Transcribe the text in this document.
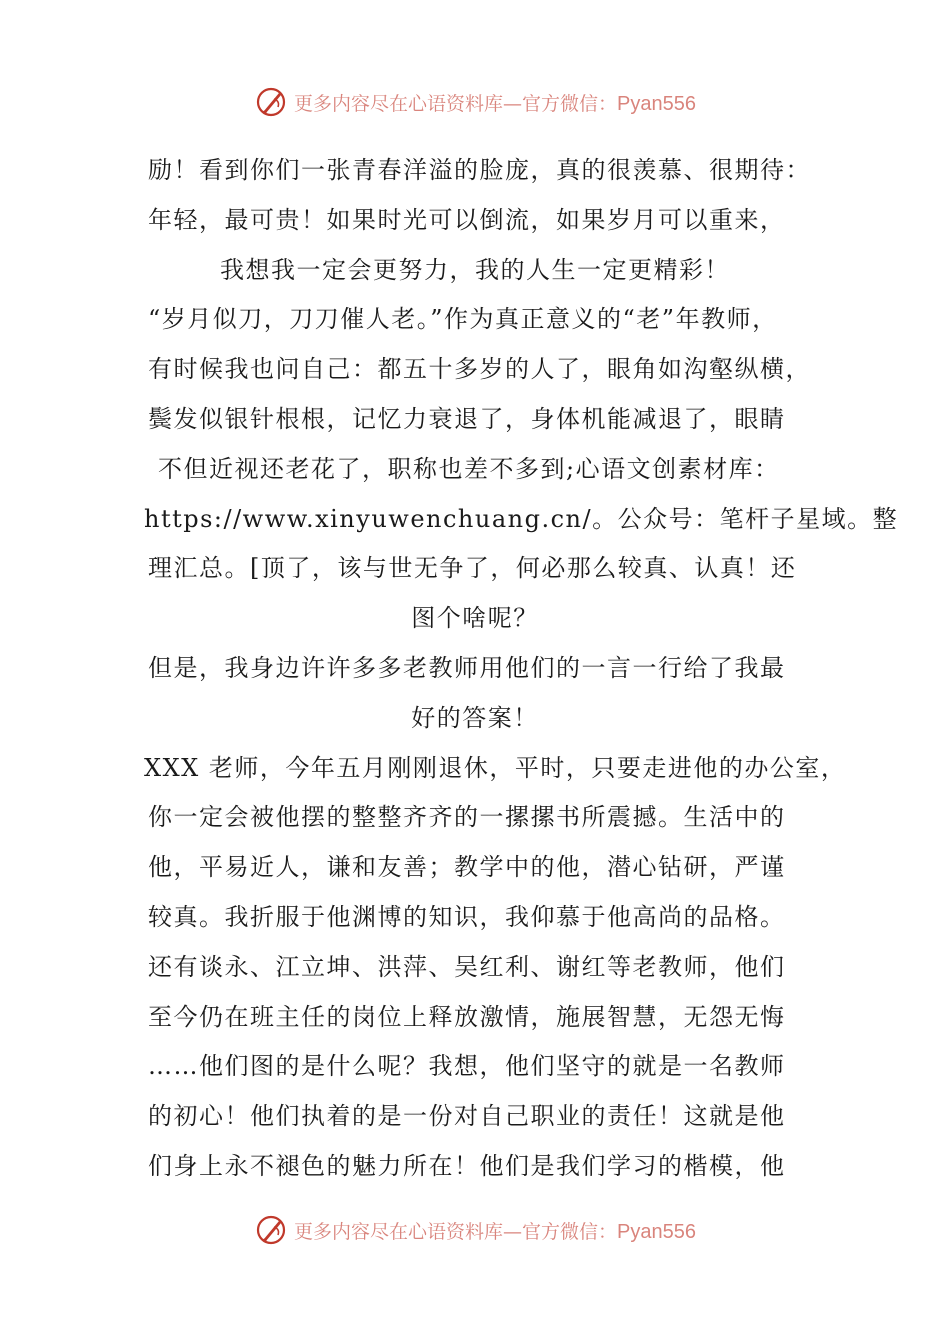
更多内容尽在心语资料库—官方微信：Pyan556
励！看到你们一张青春洋溢的脸庞，真的很羡慕、很期待：
年轻，最可贵！如果时光可以倒流，如果岁月可以重来，
我想我一定会更努力，我的人生一定更精彩！
“岁月似刀，刀刀催人老。”作为真正意义的“老”年教师，
有时候我也问自己：都五十多岁的人了，眼角如沟壑纵横，
鬓发似银针根根，记忆力衰退了，身体机能减退了，眼睛
不但近视还老花了，职称也差不多到;心语文创素材库：
https://www.xinyuwenchuang.cn/。公众号：笔杆子星域。整
理汇总。[顶了，该与世无争了，何必那么较真、认真！还
图个啥呢？
但是，我身边许许多多老教师用他们的一言一行给了我最
好的答案！
XXX 老师，今年五月刚刚退休，平时，只要走进他的办公室，
你一定会被他摆的整整齐齐的一摞摞书所震撼。生活中的
他，平易近人，谦和友善；教学中的他，潜心钻研，严谨
较真。我折服于他渊博的知识，我仰慕于他高尚的品格。
还有谈永、江立坤、洪萍、吴红利、谢红等老教师，他们
至今仍在班主任的岗位上释放激情，施展智慧，无怨无悔
……他们图的是什么呢？我想，他们坚守的就是一名教师
的初心！他们执着的是一份对自己职业的责任！这就是他
们身上永不褪色的魅力所在！他们是我们学习的楷模，他
更多内容尽在心语资料库—官方微信：Pyan556
